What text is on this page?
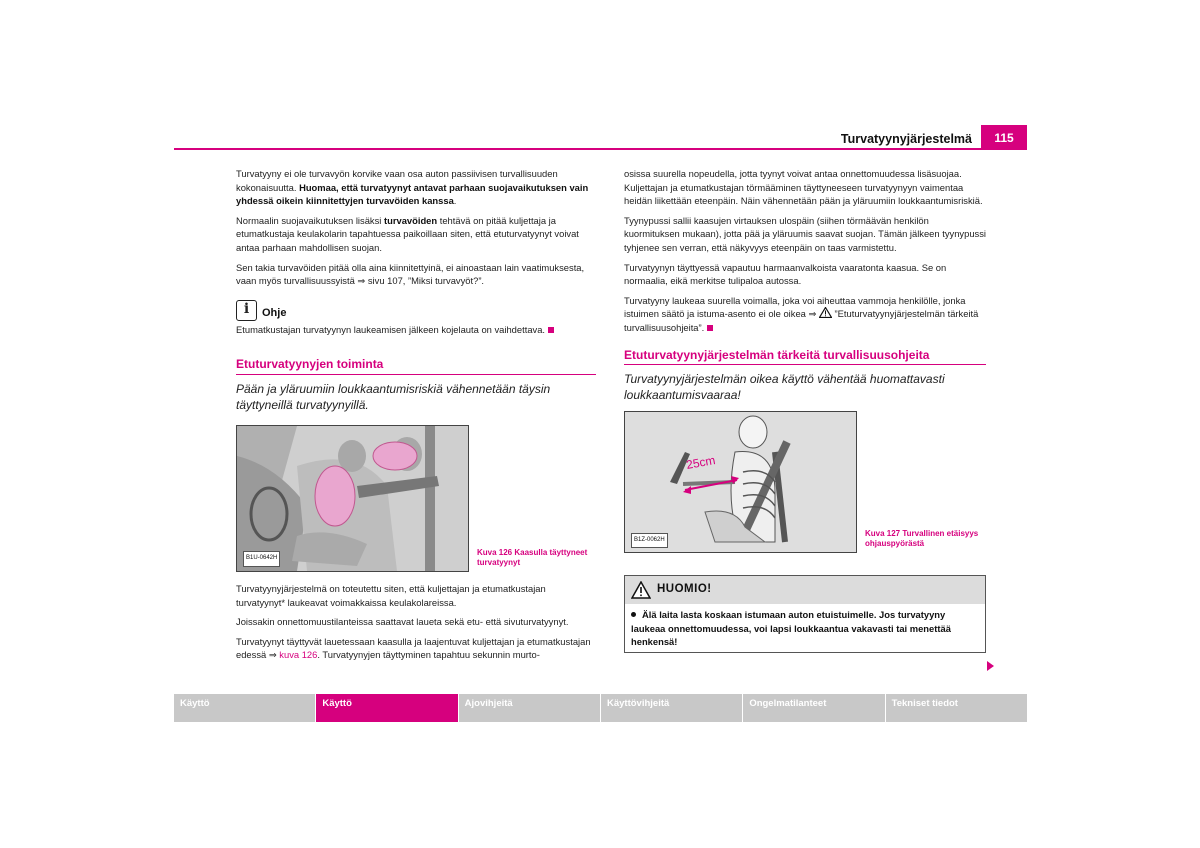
Turvatyynyjärjestelmä	115

Turvatyyny ei ole turvavyön korvike vaan osa auton passiivisen turvallisuuden kokonaisuutta. Huomaa, että turvatyynyt antavat parhaan suojavaikutuksen vain yhdessä oikein kiinnitettyjen turvavöiden kanssa.

Normaalin suojavaikutuksen lisäksi turvavöiden tehtävä on pitää kuljettaja ja etumatkustaja keulakolarin tapahtuessa paikoillaan siten, että etuturvatyynyt voivat antaa parhaan mahdollisen suojan.

Sen takia turvavöiden pitää olla aina kiinnitettyinä, ei ainoastaan lain vaatimuksesta, vaan myös turvallisuussyistä ⇒ sivu 107, ”Miksi turvavyöt?”.

i	Ohje

Etumatkustajan turvatyynyn laukeamisen jälkeen kojelauta on vaihdettava.

Etuturvatyynyjen toiminta

Pään ja yläruumiin loukkaantumisriskiä vähennetään täysin täyttyneillä turvatyynyillä.

B1U-0642H
Kuva 126 Kaasulla täyttyneet turvatyynyt

Turvatyynyjärjestelmä on toteutettu siten, että kuljettajan ja etumatkustajan turvatyynyt* laukeavat voimakkaissa keulakolareissa.

Joissakin onnettomuustilanteissa saattavat laueta sekä etu- että sivuturvatyynyt.

Turvatyynyt täyttyvät lauetessaan kaasulla ja laajentuvat kuljettajan ja etumatkustajan edessä ⇒ kuva 126. Turvatyynyjen täyttyminen tapahtuu sekunnin murto-

osissa suurella nopeudella, jotta tyynyt voivat antaa onnettomuudessa lisäsuojaa. Kuljettajan ja etumatkustajan törmääminen täyttyneeseen turvatyynyyn vaimentaa heidän liikettään eteenpäin. Näin vähennetään pään ja yläruumiin loukkaantumisriskiä.

Tyynypussi sallii kaasujen virtauksen ulospäin (siihen törmäävän henkilön kuormituksen mukaan), jotta pää ja yläruumis saavat suojan. Tämän jälkeen tyynypussi tyhjenee sen verran, että näkyvyys eteenpäin on taas varmistettu.

Turvatyynyn täyttyessä vapautuu harmaanvalkoista vaaratonta kaasua. Se on normaalia, eikä merkitse tulipaloa autossa.

Turvatyyny laukeaa suurella voimalla, joka voi aiheuttaa vammoja henkilölle, jonka istuimen säätö ja istuma-asento ei ole oikea ⇒  ”Etuturvatyynyjärjestelmän tärkeitä turvallisuusohjeita”.

Etuturvatyynyjärjestelmän tärkeitä turvallisuusohjeita

Turvatyynyjärjestelmän oikea käyttö vähentää huomattavasti loukkaantumisvaaraa!

25cm
B1Z-0062H
Kuva 127 Turvallinen etäisyys ohjauspyörästä
HUOMIO!
Älä laita lasta koskaan istumaan auton etuistuimelle. Jos turvatyyny laukeaa onnettomuudessa, voi lapsi loukkaantua vakavasti tai menettää henkensä!
Käyttö	Käyttö	Ajovihjeitä	Käyttövihjeitä	Ongelmatilanteet	Tekniset tiedot
